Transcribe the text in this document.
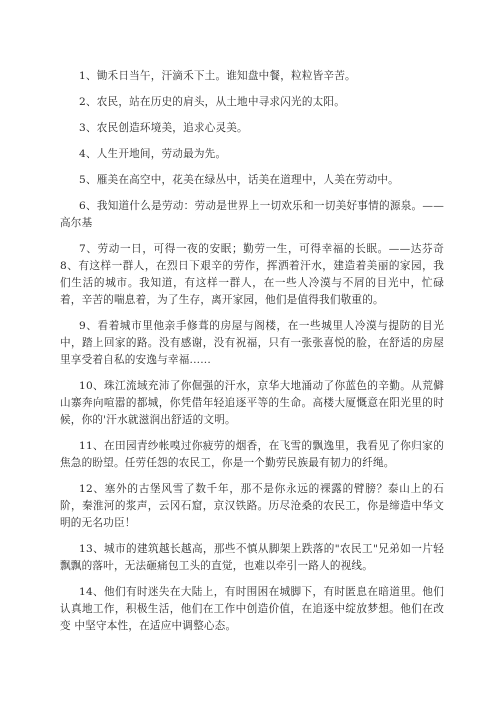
1、锄禾日当午，汗滴禾下土。谁知盘中餐，粒粒皆辛苦。

2、农民，站在历史的肩头，从土地中寻求闪光的太阳。

3、农民创造环境美，追求心灵美。

4、人生开地间，劳动最为先。

5、雁美在高空中，花美在绿丛中，话美在道理中，人美在劳动中。

6、我知道什么是劳动：劳动是世界上一切欢乐和一切美好事情的源泉。—— 高尔基

7、劳动一日，可得一夜的安眠；勤劳一生，可得幸福的长眠。——达芬奇 8、有这样一群人，在烈日下艰辛的劳作，挥洒着汗水，建造着美丽的家园，我们生活的城市。我知道，有这样一群人，在一些人冷漠与不屑的目光中，忙碌着，辛苦的喘息着，为了生存，离开家园，他们是值得我们敬重的。

9、看着城市里他亲手修葺的房屋与阁楼，在一些城里人冷漠与提防的目光中，踏上回家的路。没有感谢，没有祝福，只有一张张喜悦的脸，在舒适的房屋里享受着自私的安逸与幸福......

10、珠江流域充沛了你倔强的汗水，京华大地涌动了你蓝色的辛勤。从荒僻 山寨奔向喧嚣的都城，你凭借年轻追逐平等的生命。高楼大厦慨意在阳光里的时候，你的'汗水就滋润出舒适的文明。

11、在田园青纱帐嗅过你疲劳的烟香，在飞雪的飘逸里，我看见了你归家的 焦急的盼望。任劳任怨的农民工，你是一个勤劳民族最有韧力的纤绳。

12、塞外的古堡风雪了数千年，那不是你永远的裸露的臂膀？泰山上的石阶，秦淮河的浆声，云冈石窟，京汉铁路。历尽沧桑的农民工，你是缔造中华文明的无名功臣！

13、城市的建筑越长越高，那些不慎从脚架上跌落的"农民工"兄弟如一片轻飘飘的落叶，无法砸痛包工头的直觉，也难以牵引一路人的视线。

14、他们有时迷失在大陆上，有时围困在城脚下，有时匿息在暗道里。他们 认真地工作，积极生活，他们在工作中创造价值，在追逐中绽放梦想。他们在改变 中坚守本性，在适应中调整心态。
